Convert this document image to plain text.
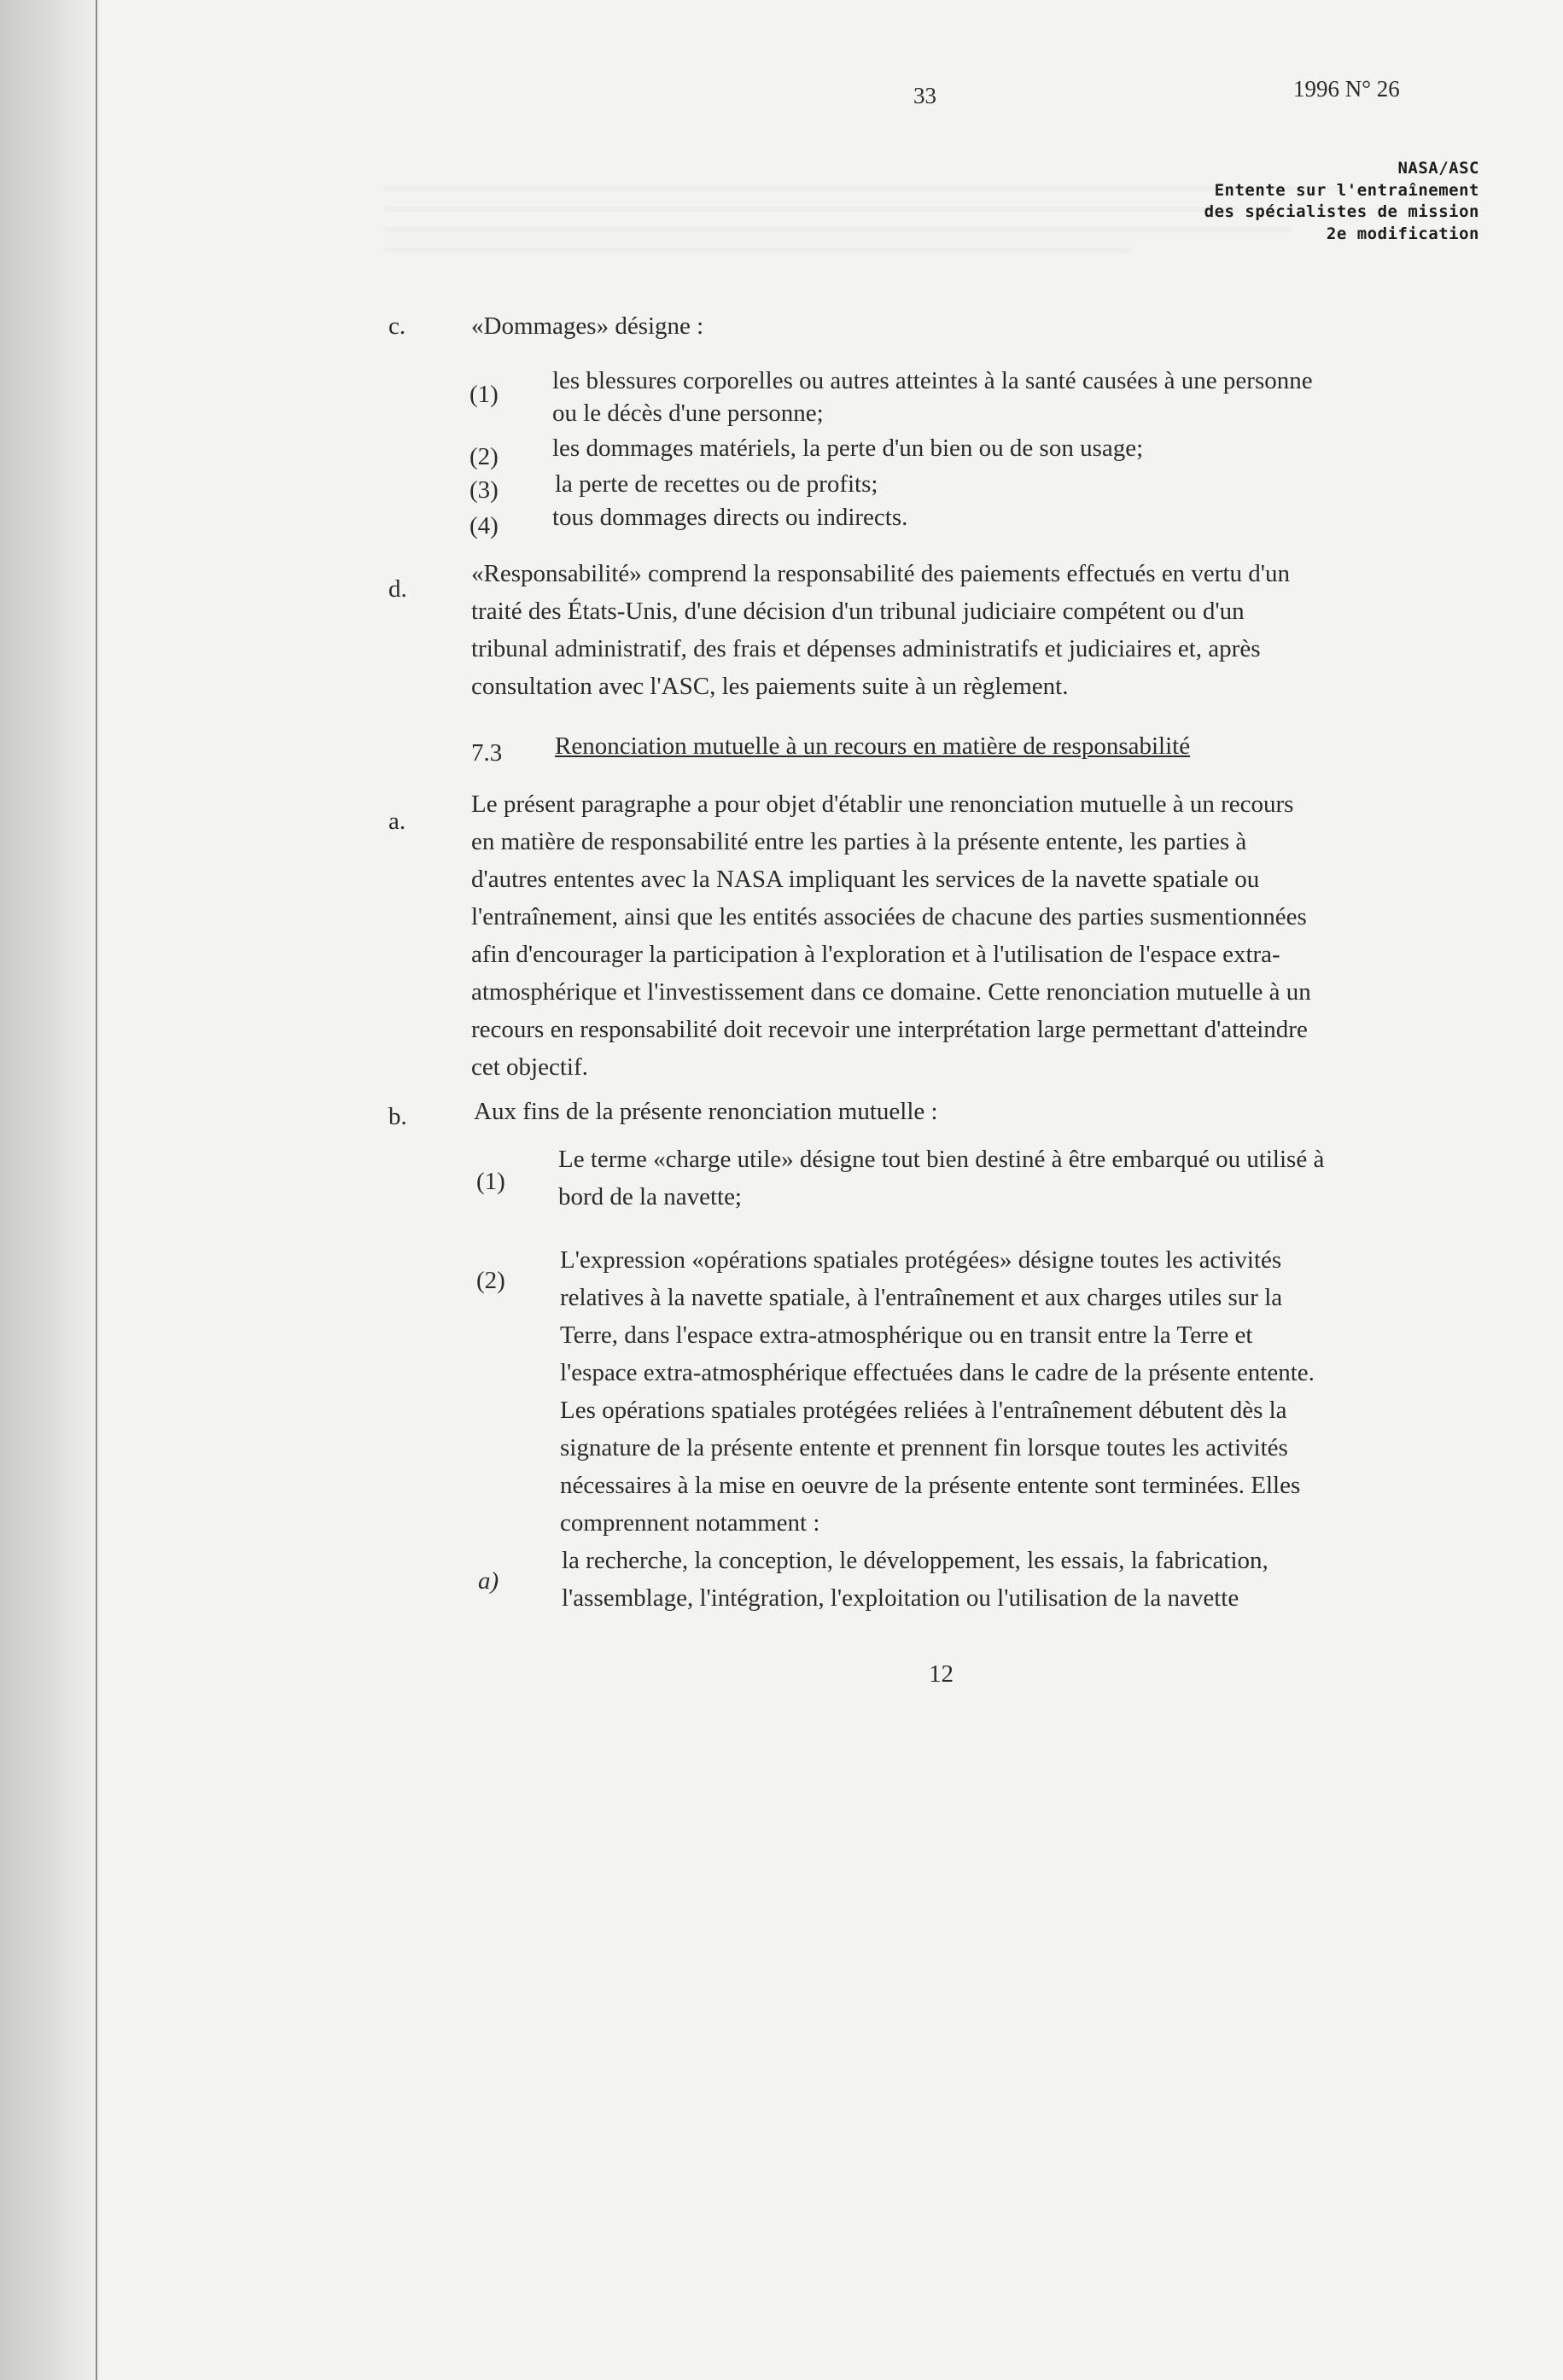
33	1996 N° 26
NASA/ASC
Entente sur l'entraînement
des spécialistes de mission
2e modification
c.	«Dommages» désigne :
(1) les blessures corporelles ou autres atteintes à la santé causées à une personne
ou le décès d'une personne;
(2) les dommages matériels, la perte d'un bien ou de son usage;
(3) la perte de recettes ou de profits;
(4) tous dommages directs ou indirects.
d.
«Responsabilité» comprend la responsabilité des paiements effectués en vertu d'un
traité des États-Unis, d'une décision d'un tribunal judiciaire compétent ou d'un
tribunal administratif, des frais et dépenses administratifs et judiciaires et, après
consultation avec l'ASC, les paiements suite à un règlement.
7.3 Renonciation mutuelle à un recours en matière de responsabilité
a.
Le présent paragraphe a pour objet d'établir une renonciation mutuelle à un recours
en matière de responsabilité entre les parties à la présente entente, les parties à
d'autres ententes avec la NASA impliquant les services de la navette spatiale ou
l'entraînement, ainsi que les entités associées de chacune des parties susmentionnées
afin d'encourager la participation à l'exploration et à l'utilisation de l'espace extra-
atmosphérique et l'investissement dans ce domaine. Cette renonciation mutuelle à un
recours en responsabilité doit recevoir une interprétation large permettant d'atteindre
cet objectif.
b.	Aux fins de la présente renonciation mutuelle :
(1)
Le terme «charge utile» désigne tout bien destiné à être embarqué ou utilisé à
bord de la navette;
(2)
L'expression «opérations spatiales protégées» désigne toutes les activités
relatives à la navette spatiale, à l'entraînement et aux charges utiles sur la
Terre, dans l'espace extra-atmosphérique ou en transit entre la Terre et
l'espace extra-atmosphérique effectuées dans le cadre de la présente entente.
Les opérations spatiales protégées reliées à l'entraînement débutent dès la
signature de la présente entente et prennent fin lorsque toutes les activités
nécessaires à la mise en oeuvre de la présente entente sont terminées. Elles
comprennent notamment :
a)
la recherche, la conception, le développement, les essais, la fabrication,
l'assemblage, l'intégration, l'exploitation ou l'utilisation de la navette
12
